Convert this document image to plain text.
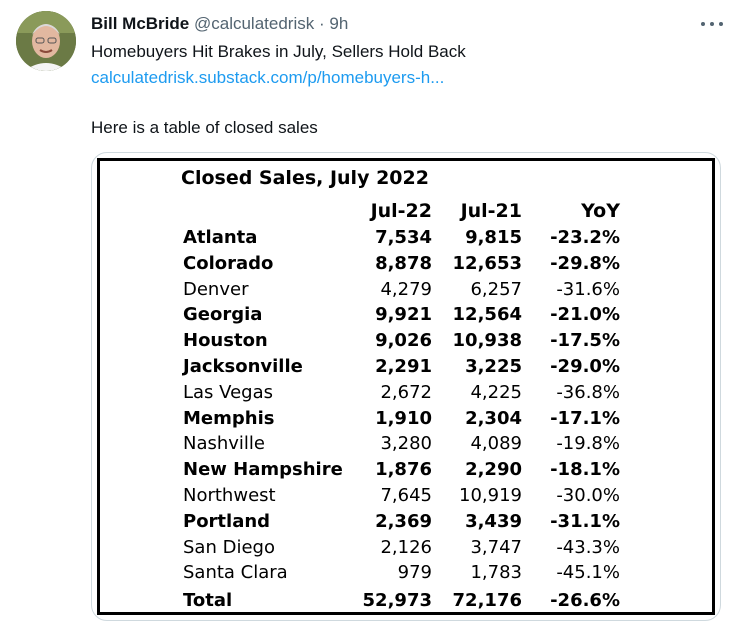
Bill McBride @calculatedrisk · 9h
Homebuyers Hit Brakes in July, Sellers Hold Back
calculatedrisk.substack.com/p/homebuyers-h...
Here is a table of closed sales
Closed Sales, July 2022
Jul-22 Jul-21	YoY
Atlanta	7,534 9,815 -23.2%
Colorado	8,878 12,653 -29.8%
Denver	4,279 6,257 -31.6%
Georgia	9,921 12,564 -21.0%
Houston	9,026 10,938 -17.5%
Jacksonville	2,291 3,225 -29.0%
Las Vegas	2,672 4,225 -36.8%
Memphis	1,910 2,304 -17.1%
Nashville	3,280 4,089 -19.8%
New Hampshire 1,876 2,290 -18.1%
Northwest	7,645 10,919 -30.0%
Portland	2,369 3,439 -31.1%
San Diego	2,126 3,747 -43.3%
Santa Clara	979 1,783 -45.1%
Total	52,973 72,176 -26.6%
